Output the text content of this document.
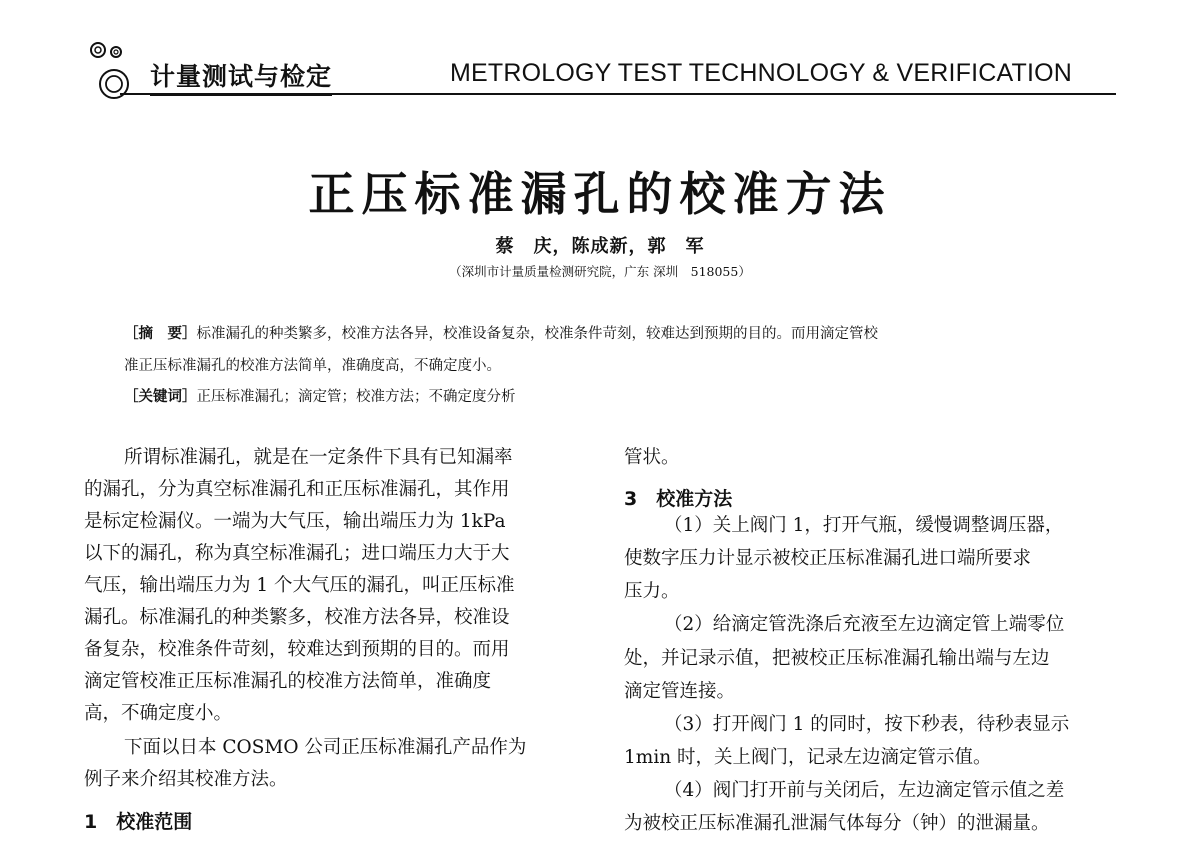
计量测试与检定	METROLOGY TEST TECHNOLOGY & VERIFICATION
正压标准漏孔的校准方法
蔡　庆，陈成新，郭　军
（深圳市计量质量检测研究院，广东 深圳　518055）
［摘　要］标准漏孔的种类繁多，校准方法各异，校准设备复杂，校准条件苛刻，较难达到预期的目的。而用滴定管校
准正压标准漏孔的校准方法简单，准确度高，不确定度小。
［关键词］正压标准漏孔；滴定管；校准方法；不确定度分析
所谓标准漏孔，就是在一定条件下具有已知漏率
的漏孔，分为真空标准漏孔和正压标准漏孔，其作用
是标定检漏仪。一端为大气压，输出端压力为 1kPa
以下的漏孔，称为真空标准漏孔；进口端压力大于大
气压，输出端压力为 1 个大气压的漏孔，叫正压标准
漏孔。标准漏孔的种类繁多，校准方法各异，校准设
备复杂，校准条件苛刻，较难达到预期的目的。而用
滴定管校准正压标准漏孔的校准方法简单，准确度
高，不确定度小。
下面以日本 COSMO 公司正压标准漏孔产品作为
例子来介绍其校准方法。
1　校准范围
管状。
3　校准方法
（1）关上阀门 1，打开气瓶，缓慢调整调压器，
使数字压力计显示被校正压标准漏孔进口端所要求
压力。
（2）给滴定管洗涤后充液至左边滴定管上端零位
处，并记录示值，把被校正压标准漏孔输出端与左边
滴定管连接。
（3）打开阀门 1 的同时，按下秒表，待秒表显示
1min 时，关上阀门，记录左边滴定管示值。
（4）阀门打开前与关闭后，左边滴定管示值之差
为被校正压标准漏孔泄漏气体每分（钟）的泄漏量。
